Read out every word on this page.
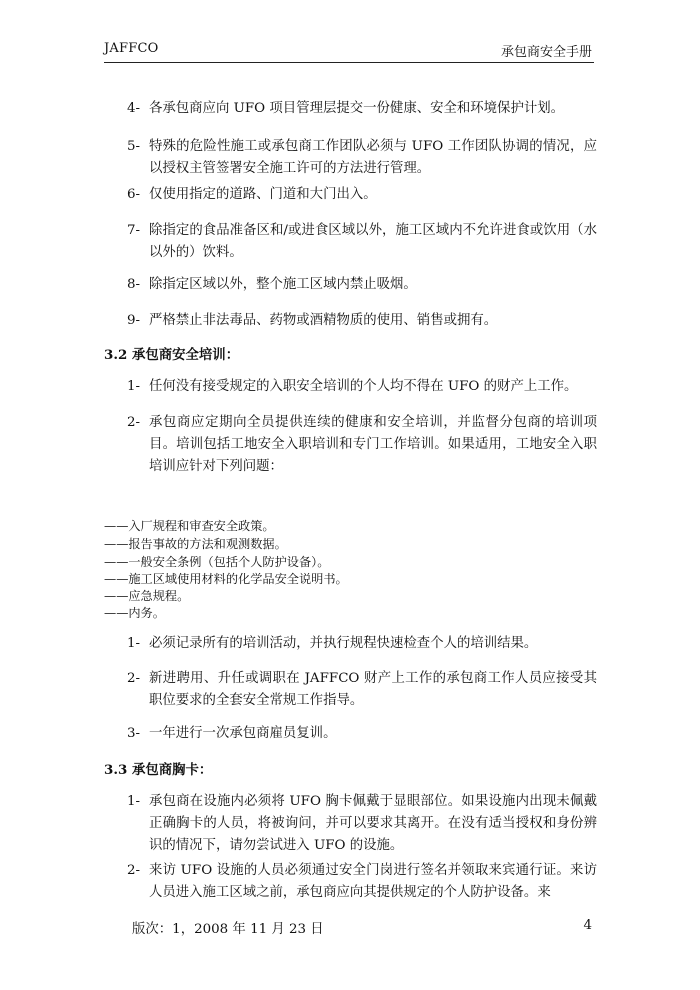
JAFFCO	承包商安全手册
4- 各承包商应向 UFO 项目管理层提交一份健康、安全和环境保护计划。
5- 特殊的危险性施工或承包商工作团队必须与 UFO 工作团队协调的情况，应以授权主管签署安全施工许可的方法进行管理。
6- 仅使用指定的道路、门道和大门出入。
7- 除指定的食品准备区和/或进食区域以外，施工区域内不允许进食或饮用（水以外的）饮料。
8- 除指定区域以外，整个施工区域内禁止吸烟。
9- 严格禁止非法毒品、药物或酒精物质的使用、销售或拥有。
3.2 承包商安全培训：
1- 任何没有接受规定的入职安全培训的个人均不得在 UFO 的财产上工作。
2- 承包商应定期向全员提供连续的健康和安全培训，并监督分包商的培训项目。培训包括工地安全入职培训和专门工作培训。如果适用，工地安全入职培训应针对下列问题：
——入厂规程和审查安全政策。
——报告事故的方法和观测数据。
——一般安全条例（包括个人防护设备）。
——施工区域使用材料的化学品安全说明书。
——应急规程。
——内务。
1- 必须记录所有的培训活动，并执行规程快速检查个人的培训结果。
2- 新进聘用、升任或调职在 JAFFCO 财产上工作的承包商工作人员应接受其职位要求的全套安全常规工作指导。
3- 一年进行一次承包商雇员复训。
3.3 承包商胸卡：
1- 承包商在设施内必须将 UFO 胸卡佩戴于显眼部位。如果设施内出现未佩戴正确胸卡的人员，将被询问，并可以要求其离开。在没有适当授权和身份辨识的情况下，请勿尝试进入 UFO 的设施。
2- 来访 UFO 设施的人员必须通过安全门岗进行签名并领取来宾通行证。来访人员进入施工区域之前，承包商应向其提供规定的个人防护设备。来
版次：1，2008 年 11 月 23 日	4
